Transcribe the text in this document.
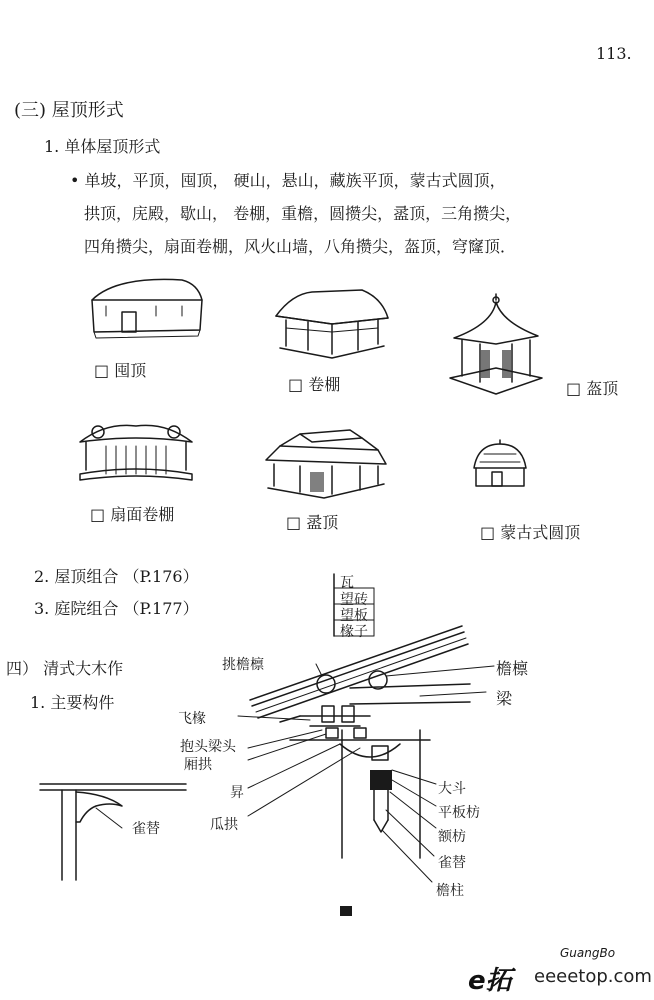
113.
(三) 屋顶形式
1. 单体屋顶形式
• 单坡，平顶，囤顶， 硬山，悬山，藏族平顶，蒙古式圆顶，
拱顶，庑殿，歇山， 卷棚，重檐，圆攒尖，盝顶，三角攒尖，
四角攒尖，扇面卷棚，风火山墙，八角攒尖，盔顶，穹窿顶．
□ 囤顶
□ 卷棚	□ 盔顶
□ 扇面卷棚	□ 盝顶
□ 蒙古式圆顶
2. 屋顶组合 （P.176）
3. 庭院组合 （P.177）
四） 清式大木作
1. 主要构件
瓦
望砖
望板
椽子
挑檐檩	檐檩
梁
飞椽
抱头梁头
厢拱
昇
瓜拱
大斗
平板枋
额枋
雀替
檐柱
雀替
GuangBo
e拓 eeeetop.com
